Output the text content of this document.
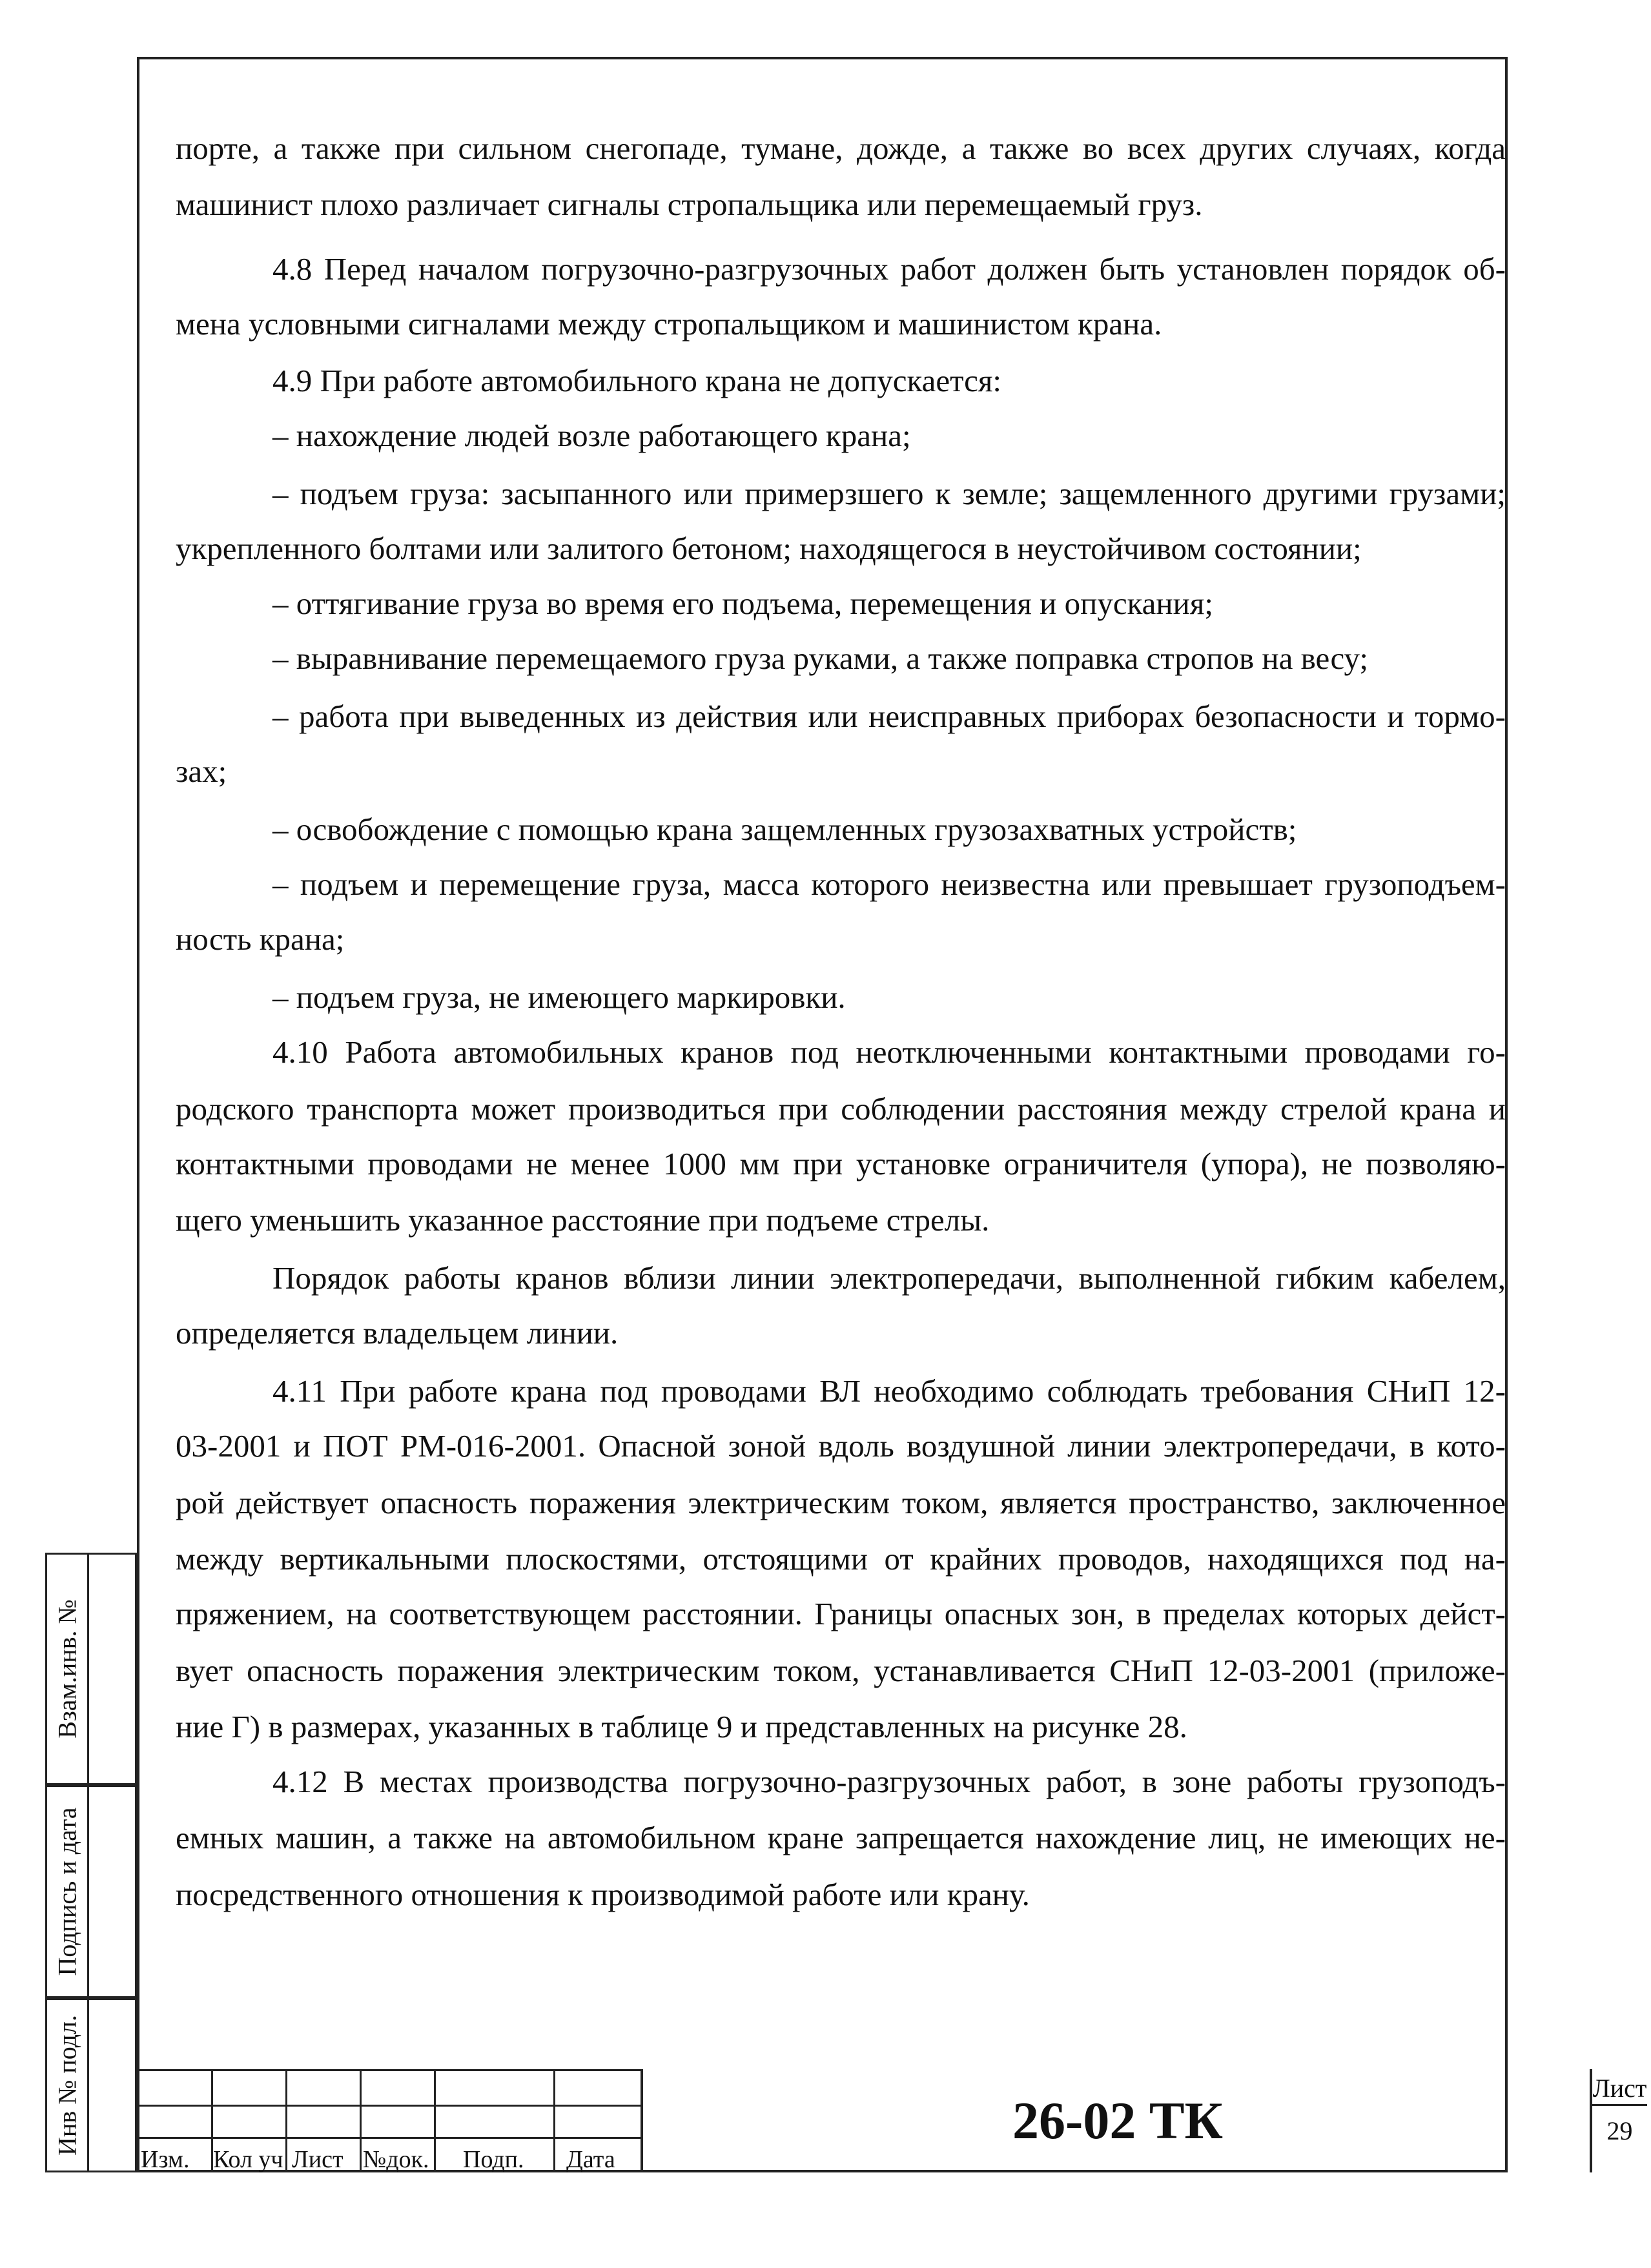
порте, а также при сильном снегопаде, тумане, дожде, а также во всех других случаях, когда
машинист плохо различает сигналы стропальщика или перемещаемый груз.
4.8 Перед началом погрузочно-разгрузочных работ должен быть установлен порядок об-
мена условными сигналами между стропальщиком и машинистом крана.
4.9 При работе автомобильного крана не допускается:
– нахождение людей возле работающего крана;
– подъем груза: засыпанного или примерзшего к земле; защемленного другими грузами;
укрепленного болтами или залитого бетоном; находящегося в неустойчивом состоянии;
– оттягивание груза во время его подъема, перемещения и опускания;
– выравнивание перемещаемого груза руками, а также поправка стропов на весу;
– работа при выведенных из действия или неисправных приборах безопасности и тормо-
зах;
– освобождение с помощью крана защемленных грузозахватных устройств;
– подъем и перемещение груза, масса которого неизвестна или превышает грузоподъем-
ность крана;
– подъем груза, не имеющего маркировки.
4.10 Работа автомобильных кранов под неотключенными контактными проводами го-
родского транспорта может производиться при соблюдении расстояния между стрелой крана и
контактными проводами не менее 1000 мм при установке ограничителя (упора), не позволяю-
щего уменьшить указанное расстояние при подъеме стрелы.
Порядок работы кранов вблизи линии электропередачи, выполненной гибким кабелем,
определяется владельцем линии.
4.11 При работе крана под проводами ВЛ необходимо соблюдать требования СНиП 12-
03-2001 и ПОТ РМ-016-2001. Опасной зоной вдоль воздушной линии электропередачи, в кото-
рой действует опасность поражения электрическим током, является пространство, заключенное
между вертикальными плоскостями, отстоящими от крайних проводов, находящихся под на-
пряжением, на соответствующем расстоянии. Границы опасных зон, в пределах которых дейст-
вует опасность поражения электрическим током, устанавливается СНиП 12-03-2001 (приложе-
ние Г) в размерах, указанных в таблице 9 и представленных на рисунке 28.
4.12 В местах производства погрузочно-разгрузочных работ, в зоне работы грузоподъ-
емных машин, а также на автомобильном кране запрещается нахождение лиц, не имеющих не-
посредственного отношения к производимой работе или крану.
Взам.инв. №
Подпись и дата
Инв № подл.
Изм. Кол уч Лист №док. Подп. Дата
26-02 ТК
Лист
29
